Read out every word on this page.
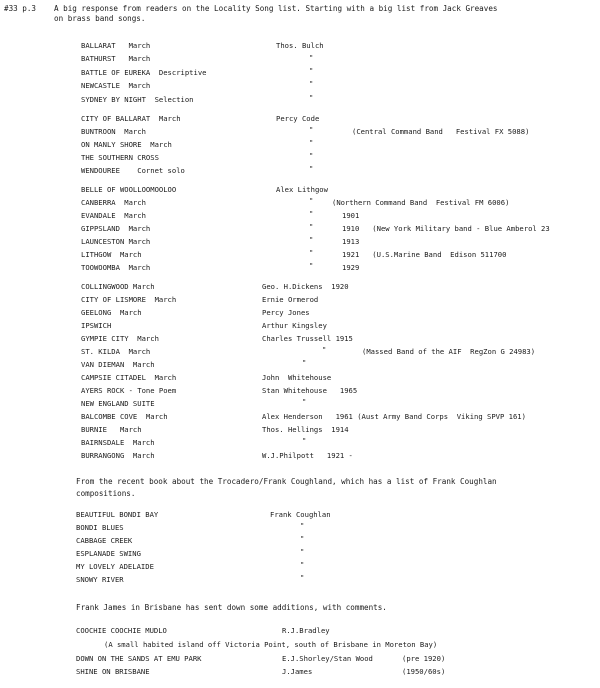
#33 p.3 A big response from readers on the Locality Song list. Starting with a big list from Jack Greaves
on brass band songs.
BALLARAT   March	Thos. Bulch
BATHURST   March	"
BATTLE OF EUREKA  Descriptive	"
NEWCASTLE  March	"
SYDNEY BY NIGHT  Selection	"
CITY OF BALLARAT  March	Percy Code
BUNTROON  March	"	(Central Command Band   Festival FX 5088)
ON MANLY SHORE  March	"
THE SOUTHERN CROSS	"
WENDOUREE    Cornet solo	"
BELLE OF WOOLLOOMOOLOO	Alex Lithgow
CANBERRA  March	"	(Northern Command Band  Festival FM 6006)
EVANDALE  March	"	1901
GIPPSLAND  March	"	1910   (New York Military band - Blue Amberol 23
LAUNCESTON March	"	1913
LITHGOW  March	"	1921   (U.S.Marine Band  Edison 511700
TOOWOOMBA  March	"	1929
COLLINGWOOD March	Geo. H.Dickens  1920
CITY OF LISMORE  March	Ernie Ormerod
GEELONG  March	Percy Jones
IPSWICH	Arthur Kingsley
GYMPIE CITY  March	Charles Trussell 1915
ST. KILDA  March	"	(Massed Band of the AIF  RegZon G 24983)
VAN DIEMAN  March	"
CAMPSIE CITADEL  March	John  Whitehouse
AYERS ROCK - Tone Poem	Stan Whitehouse   1965
NEW ENGLAND SUITE	"
BALCOMBE COVE  March	Alex Henderson   1961 (Aust Army Band Corps  Viking SPVP 161)
BURNIE   March	Thos. Hellings  1914
BAIRNSDALE  March	"
BURRANGONG  March	W.J.Philpott   1921 -
From the recent book about the Trocadero/Frank Coughland, which has a list of Frank Coughlan
compositions.
BEAUTIFUL BONDI BAY	Frank Coughlan
BONDI BLUES	"
CABBAGE CREEK	"
ESPLANADE SWING	"
MY LOVELY ADELAIDE	"
SNOWY RIVER	"
Frank James in Brisbane has sent down some additions, with comments.
COOCHIE COOCHIE MUDLO	R.J.Bradley
(A small habited island off Victoria Point, south of Brisbane in Moreton Bay)
DOWN ON THE SANDS AT EMU PARK	E.J.Shorley/Stan Wood	(pre 1920)
SHINE ON BRISBANE	J.James	(1950/60s)
